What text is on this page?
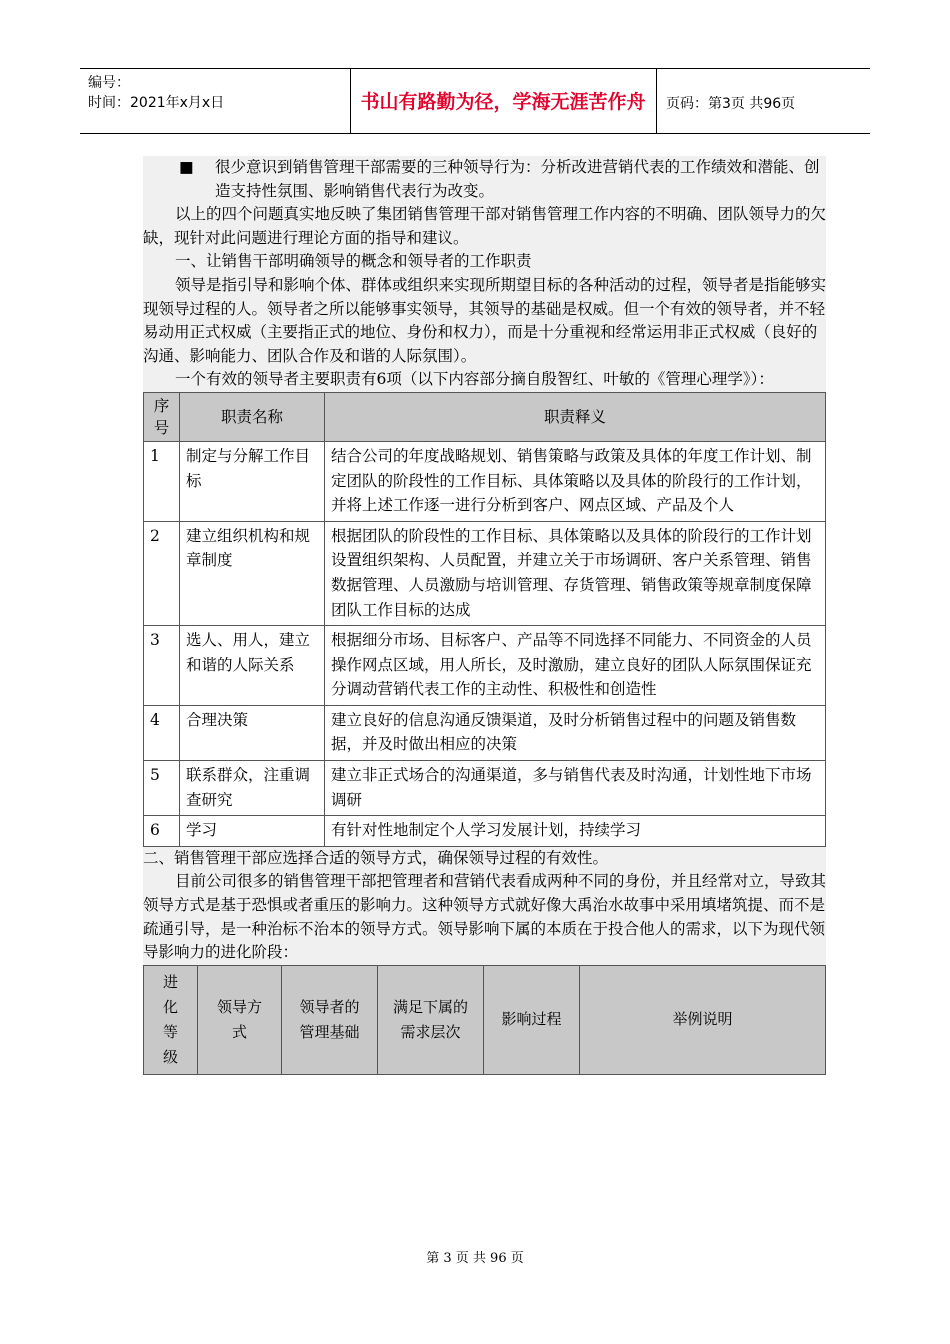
编号：
时间：2021年x月x日	书山有路勤为径，学海无涯苦作舟	页码：第3页 共96页

■ 很少意识到销售管理干部需要的三种领导行为：分析改进营销代表的工作绩效和潜能、创造支持性氛围、影响销售代表行为改变。

以上的四个问题真实地反映了集团销售管理干部对销售管理工作内容的不明确、团队领导力的欠缺，现针对此问题进行理论方面的指导和建议。

一、让销售干部明确领导的概念和领导者的工作职责

领导是指引导和影响个体、群体或组织来实现所期望目标的各种活动的过程，领导者是指能够实现领导过程的人。领导者之所以能够事实领导，其领导的基础是权威。但一个有效的领导者，并不轻易动用正式权威（主要指正式的地位、身份和权力），而是十分重视和经常运用非正式权威（良好的沟通、影响能力、团队合作及和谐的人际氛围）。

一个有效的领导者主要职责有6项（以下内容部分摘自殷智红、叶敏的《管理心理学》）：

序号	职责名称	职责释义
1	制定与分解工作目标	结合公司的年度战略规划、销售策略与政策及具体的年度工作计划、制定团队的阶段性的工作目标、具体策略以及具体的阶段行的工作计划，并将上述工作逐一进行分析到客户、网点区域、产品及个人
2	建立组织机构和规章制度	根据团队的阶段性的工作目标、具体策略以及具体的阶段行的工作计划设置组织架构、人员配置，并建立关于市场调研、客户关系管理、销售数据管理、人员激励与培训管理、存货管理、销售政策等规章制度保障团队工作目标的达成
3	选人、用人，建立和谐的人际关系	根据细分市场、目标客户、产品等不同选择不同能力、不同资金的人员操作网点区域，用人所长，及时激励，建立良好的团队人际氛围保证充分调动营销代表工作的主动性、积极性和创造性
4	合理决策	建立良好的信息沟通反馈渠道，及时分析销售过程中的问题及销售数据，并及时做出相应的决策
5	联系群众，注重调查研究	建立非正式场合的沟通渠道，多与销售代表及时沟通，计划性地下市场调研
6	学习	有针对性地制定个人学习发展计划，持续学习

二、销售管理干部应选择合适的领导方式，确保领导过程的有效性。

目前公司很多的销售管理干部把管理者和营销代表看成两种不同的身份，并且经常对立，导致其领导方式是基于恐惧或者重压的影响力。这种领导方式就好像大禹治水故事中采用填堵筑提、而不是疏通引导，是一种治标不治本的领导方式。领导影响下属的本质在于投合他人的需求，以下为现代领导影响力的进化阶段：

进化等级	领导方式	领导者的管理基础	满足下属的需求层次	影响过程	举例说明
第 3 页 共 96 页
